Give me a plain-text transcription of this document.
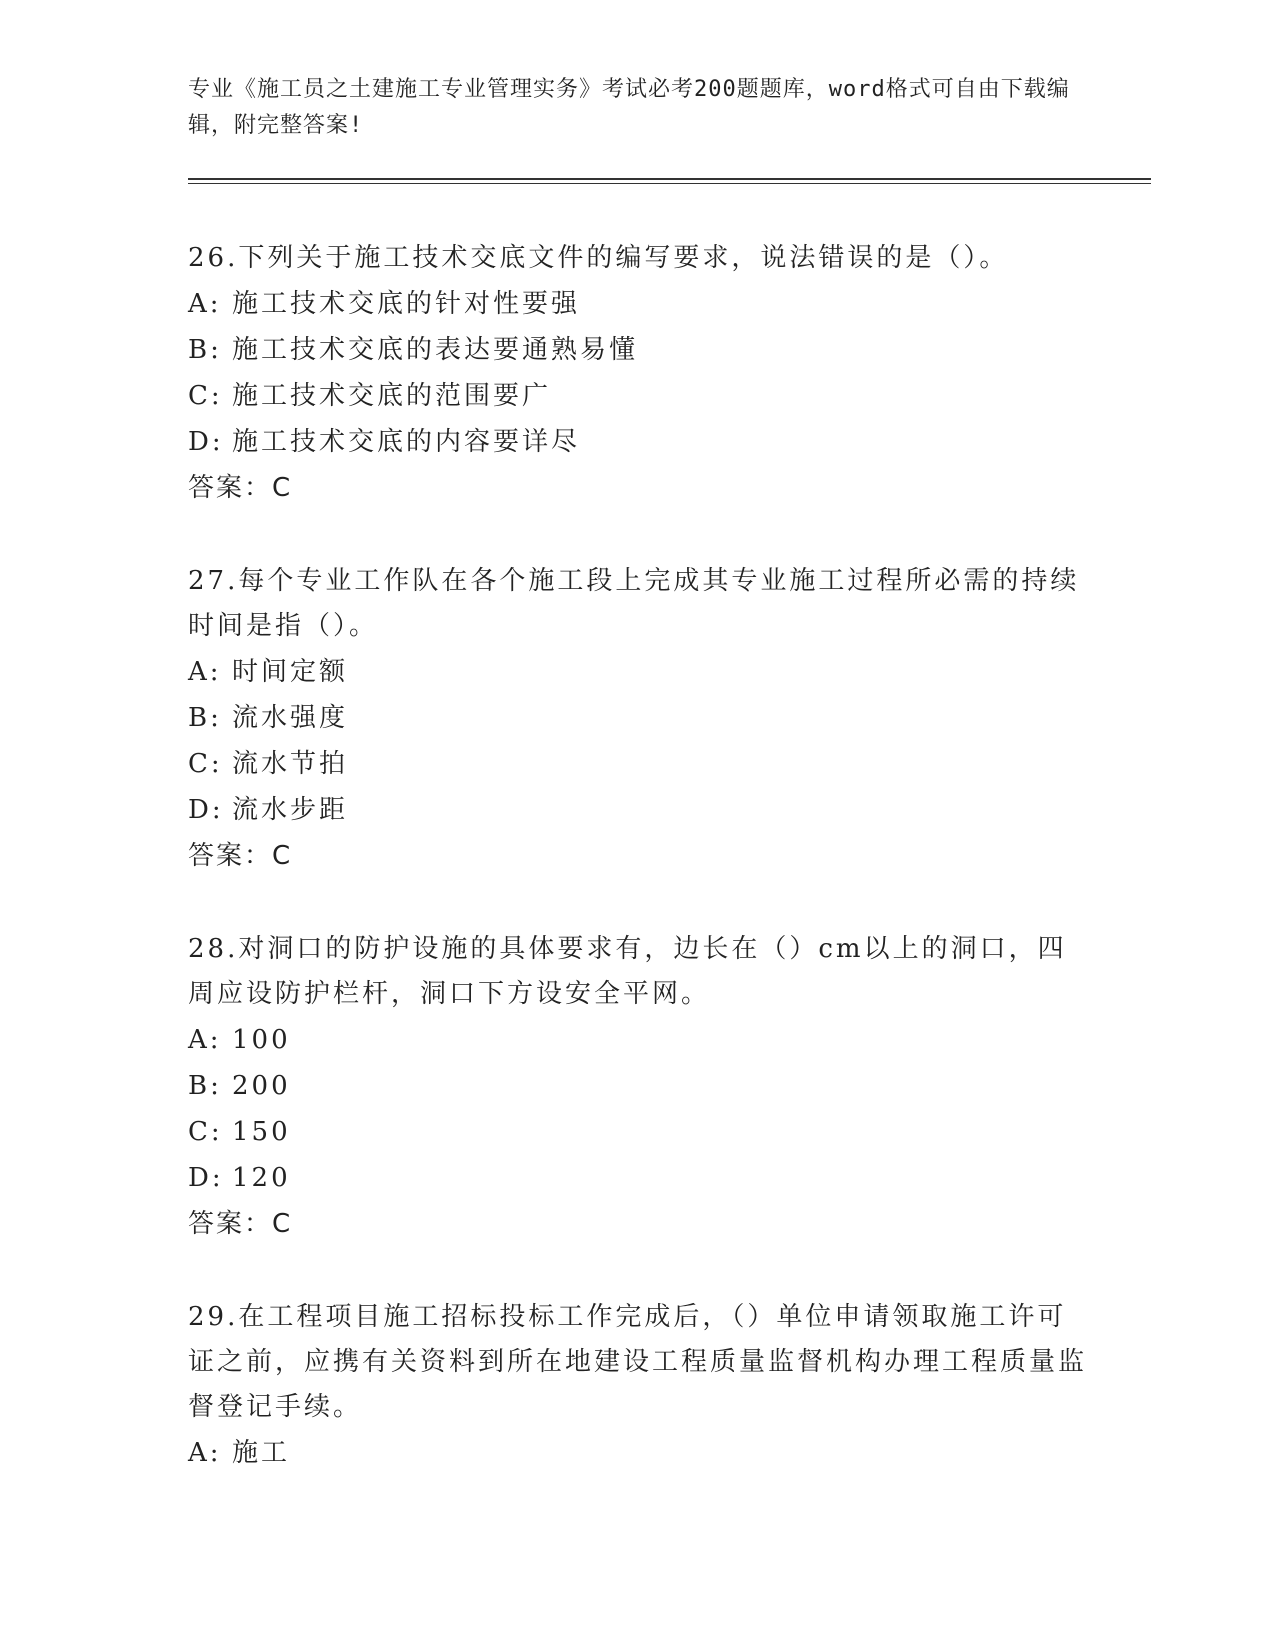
专业《施工员之土建施工专业管理实务》考试必考200题题库，word格式可自由下载编辑，附完整答案!

26.下列关于施工技术交底文件的编写要求，说法错误的是（）。

A: 施工技术交底的针对性要强

B: 施工技术交底的表达要通熟易懂

C: 施工技术交底的范围要广

D: 施工技术交底的内容要详尽

答案：C

27.每个专业工作队在各个施工段上完成其专业施工过程所必需的持续时间是指（）。

A: 时间定额

B: 流水强度

C: 流水节拍

D: 流水步距

答案：C

28.对洞口的防护设施的具体要求有，边长在（）cm以上的洞口，四周应设防护栏杆，洞口下方设安全平网。

A: 100

B: 200

C: 150

D: 120

答案：C

29.在工程项目施工招标投标工作完成后，（）单位申请领取施工许可证之前，应携有关资料到所在地建设工程质量监督机构办理工程质量监督登记手续。

A: 施工
